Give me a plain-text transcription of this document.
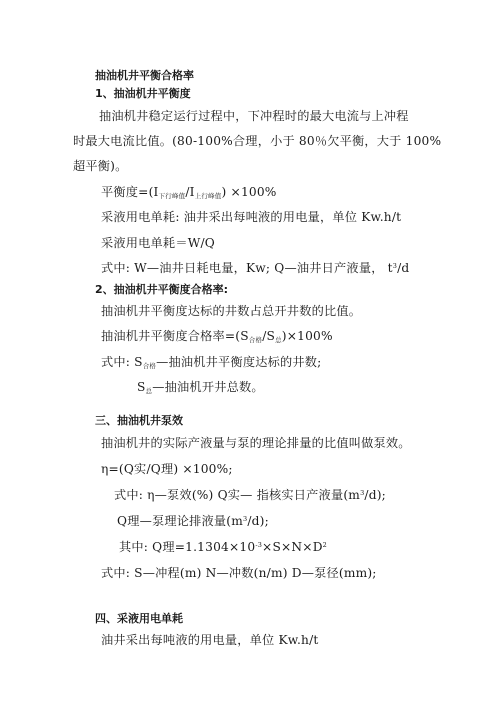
抽油机井平衡合格率
1、抽油机井平衡度
抽油机井稳定运行过程中，下冲程时的最大电流与上冲程
时最大电流比值。(80-100%合理，小于 80％欠平衡，大于 100%
超平衡)。
平衡度$=(I_{下行峰值}/I_{上行峰值}) \times 100\%$
采液用电单耗: 油井采出每吨液的用电量，单位 Kw.h/t
采液用电单耗＝W/Q
式中: W—油井日耗电量，Kw; Q—油井日产液量， $t^3/d$
2、抽油机井平衡度合格率:
抽油机井平衡度达标的井数占总开井数的比值。
抽油机井平衡度合格率$=(S_{合格}/S_总)\times 100\%$
式中: $S_{合格}—$抽油机井平衡度达标的井数;
$S_总—$抽油机开井总数。
三、抽油机井泵效
抽油机井的实际产液量与泵的理论排量的比值叫做泵效。
η=(Q实/Q理) ×100%;
式中: η—泵效(%) Q实— 指核实日产液量$(m^3/d)$;
Q理—泵理论排液量$(m^3/d)$;
其中: Q理$=1.1304\times 10^{-3}\times S\times N\times D^2$
式中: S—冲程(m) N—冲数(n/m) D—泵径(mm);
四、采液用电单耗
油井采出每吨液的用电量，单位 Kw.h/t
